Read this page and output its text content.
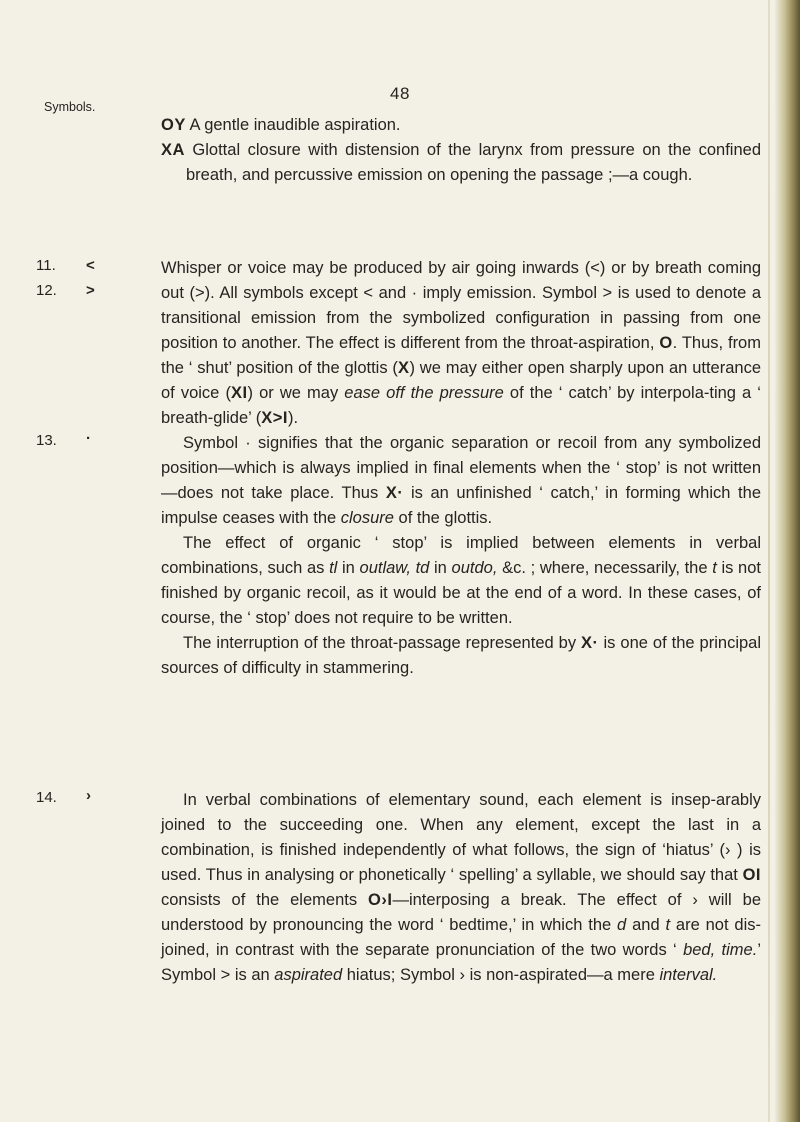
48
Symbols.

OY A gentle inaudible aspiration.

XA Glottal closure with distension of the larynx from pressure on the confined breath, and percussive emission on opening the passage ;—a cough.

11. <
12. >

Whisper or voice may be produced by air going inwards (<) or by breath coming out (>). All symbols except < and · imply emission. Symbol > is used to denote a transitional emission from the symbolized configuration in passing from one position to another. The effect is different from the throat-aspiration, O. Thus, from the ‘ shut’ position of the glottis (X) we may either open sharply upon an utterance of voice (XI) or we may ease off the pressure of the ‘ catch’ by interpola-ting a ‘ breath-glide’ (X>I).

13. ·	Symbol · signifies that the organic separation or recoil from any symbolized position—which is always implied in final elements when the ‘ stop’ is not written—does not take place. Thus X· is an unfinished ‘ catch,’ in forming which the impulse ceases with the closure of the glottis.

The effect of organic ‘ stop’ is implied between elements in verbal combinations, such as tl in outlaw, td in outdo, &c. ; where, necessarily, the t is not finished by organic recoil, as it would be at the end of a word. In these cases, of course, the ‘ stop’ does not require to be written.

The interruption of the throat-passage represented by X· is one of the principal sources of difficulty in stammering.

14. ›	In verbal combinations of elementary sound, each element is insep-arably joined to the succeeding one. When any element, except the last in a combination, is finished independently of what follows, the sign of ‘hiatus’ (› ) is used. Thus in analysing or phonetically ‘ spelling’ a syllable, we should say that OI consists of the elements O›I—interposing a break. The effect of › will be understood by pronouncing the word ‘ bedtime,’ in which the d and t are not dis-joined, in contrast with the separate pronunciation of the two words ‘ bed, time.’ Symbol > is an aspirated hiatus; Symbol › is non-aspirated—a mere interval.
